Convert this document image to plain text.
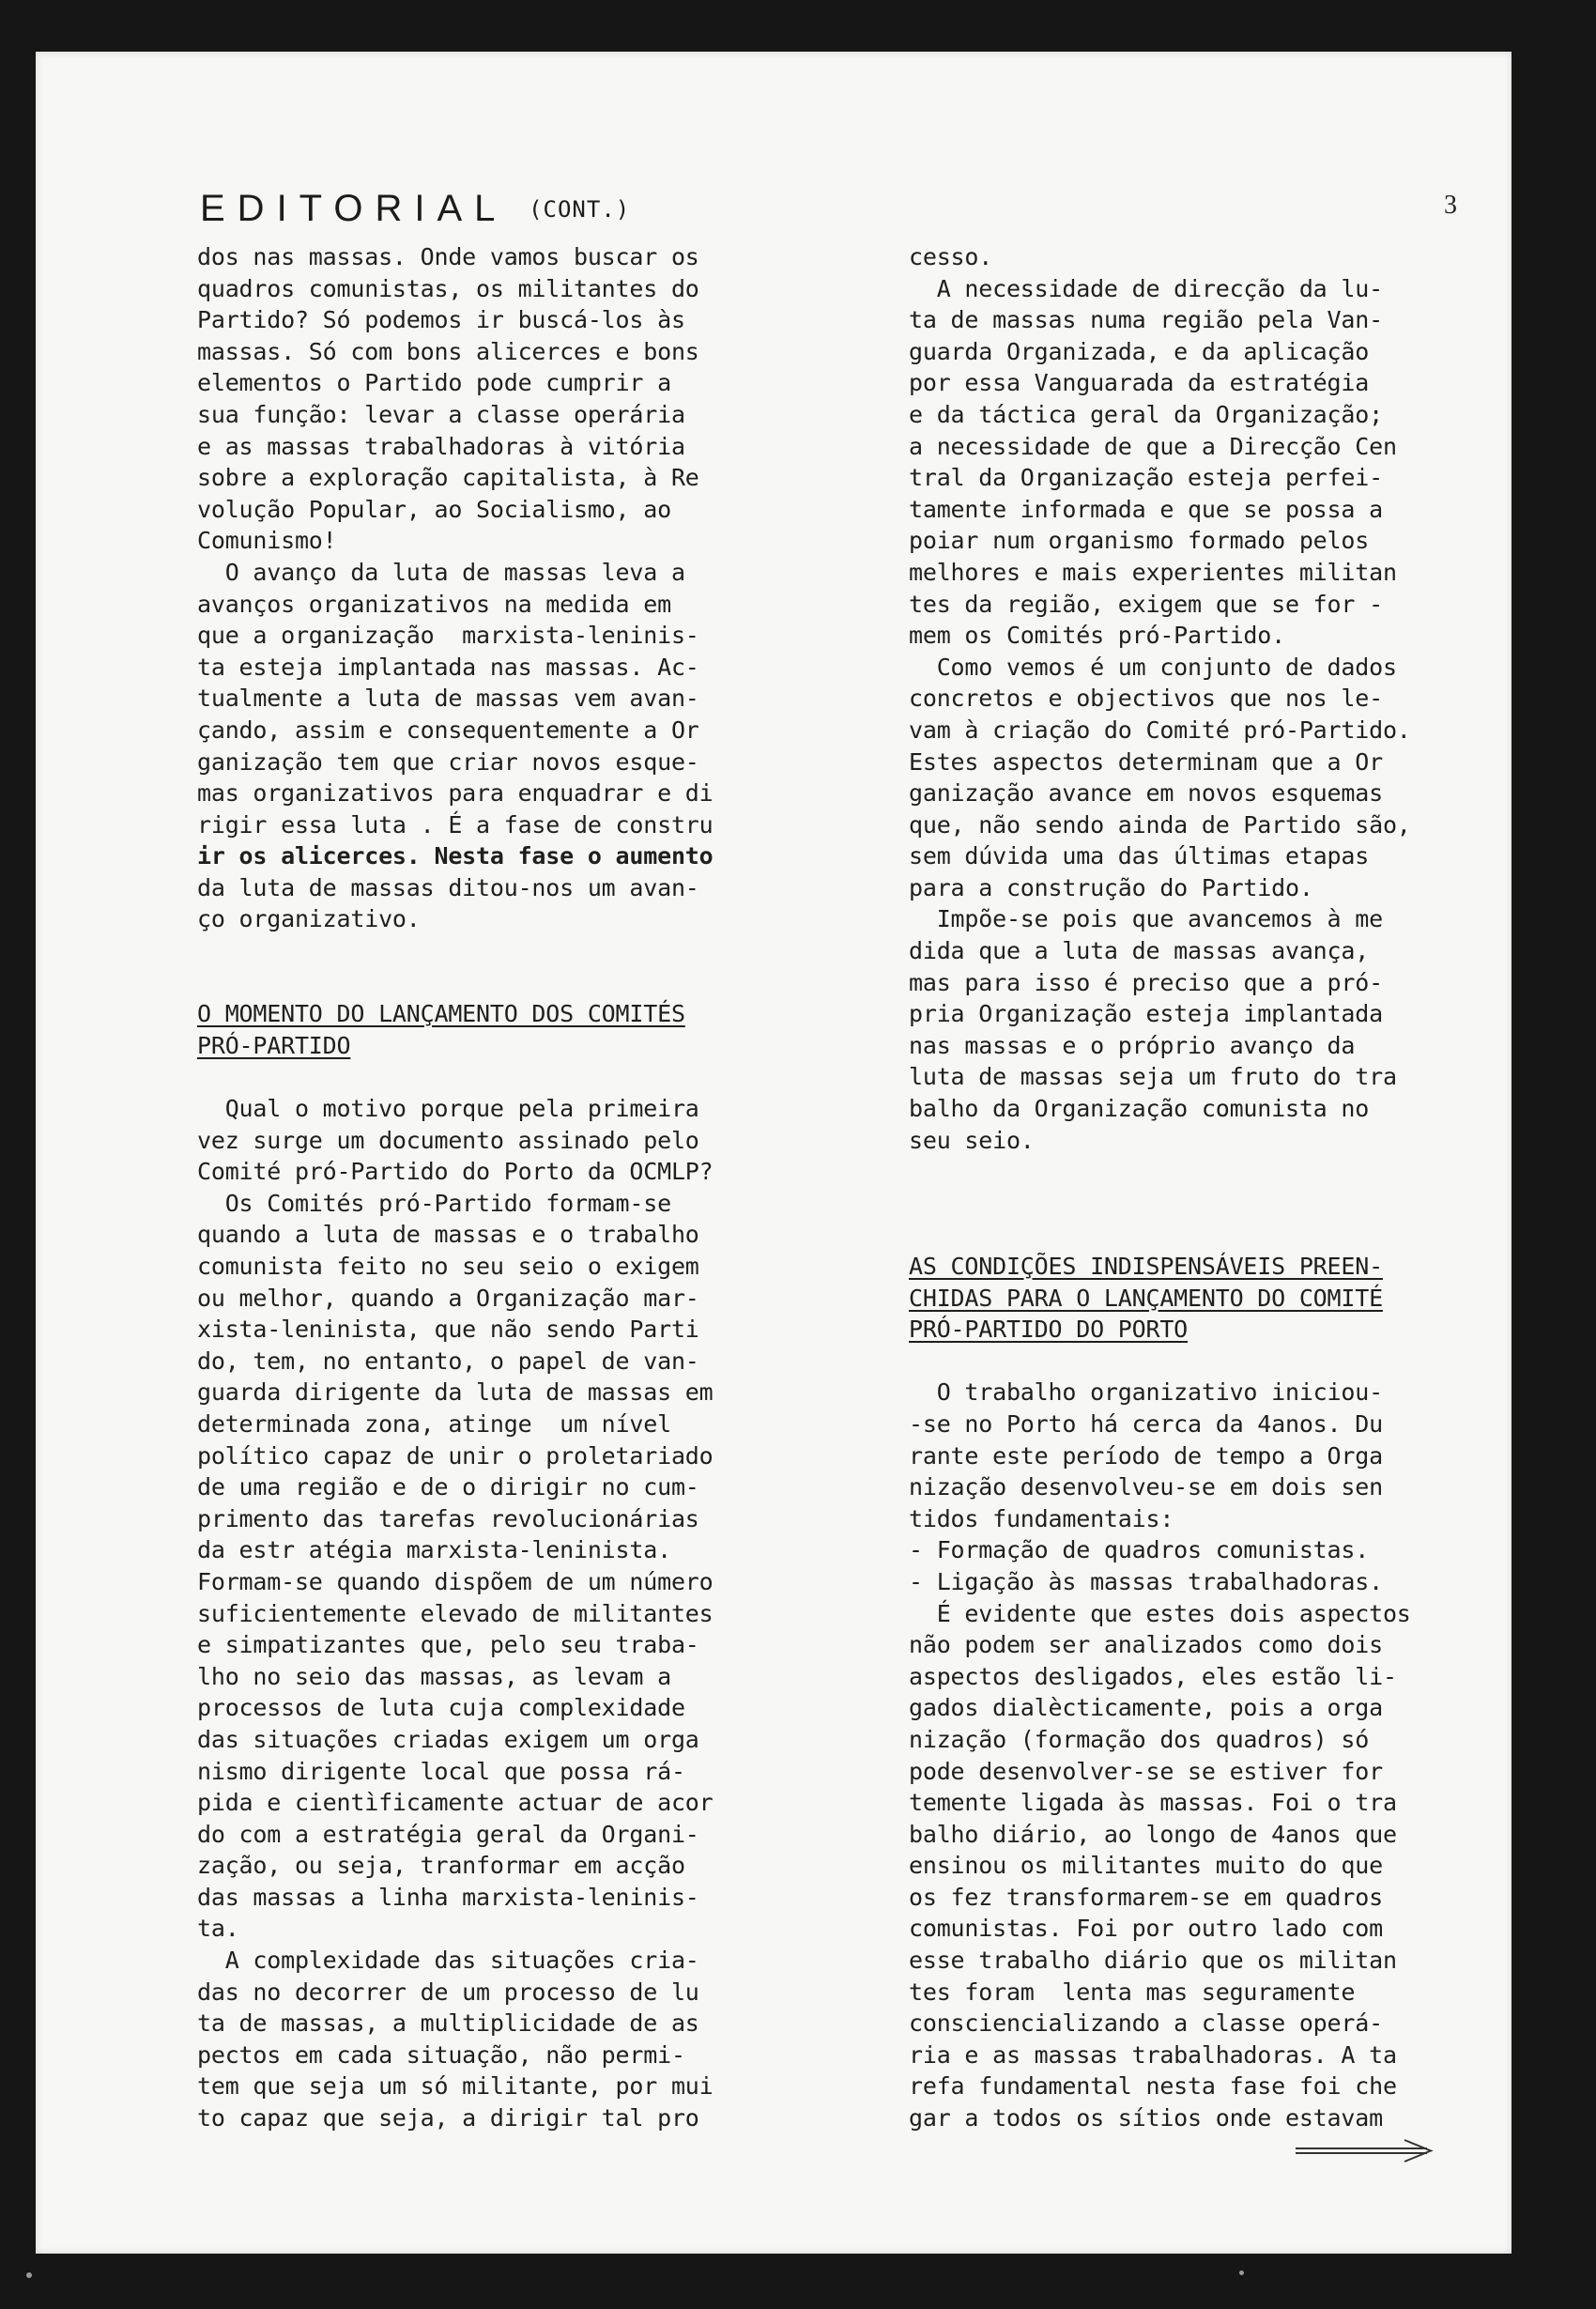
EDITORIAL (CONT.)	3
dos nas massas. Onde vamos buscar os
quadros comunistas, os militantes do
Partido? Só podemos ir buscá-los às
massas. Só com bons alicerces e bons
elementos o Partido pode cumprir a
sua função: levar a classe operária
e as massas trabalhadoras à vitória
sobre a exploração capitalista, à Re
volução Popular, ao Socialismo, ao
Comunismo!
O avanço da luta de massas leva a
avanços organizativos na medida em
que a organização  marxista-leninis-
ta esteja implantada nas massas. Ac-
tualmente a luta de massas vem avan-
çando, assim e consequentemente a Or
ganização tem que criar novos esque-
mas organizativos para enquadrar e di
rigir essa luta . É a fase de constru
ir os alicerces. Nesta fase o aumento
da luta de massas ditou-nos um avan-
ço organizativo.
O MOMENTO DO LANÇAMENTO DOS COMITÉS
PRÓ-PARTIDO
Qual o motivo porque pela primeira
vez surge um documento assinado pelo
Comité pró-Partido do Porto da OCMLP?
Os Comités pró-Partido formam-se
quando a luta de massas e o trabalho
comunista feito no seu seio o exigem
ou melhor, quando a Organização mar-
xista-leninista, que não sendo Parti
do, tem, no entanto, o papel de van-
guarda dirigente da luta de massas em
determinada zona, atinge  um nível
político capaz de unir o proletariado
de uma região e de o dirigir no cum-
primento das tarefas revolucionárias
da estr atégia marxista-leninista.
Formam-se quando dispõem de um número
suficientemente elevado de militantes
e simpatizantes que, pelo seu traba-
lho no seio das massas, as levam a
processos de luta cuja complexidade
das situações criadas exigem um orga
nismo dirigente local que possa rá-
pida e cientìficamente actuar de acor
do com a estratégia geral da Organi-
zação, ou seja, tranformar em acção
das massas a linha marxista-leninis-
ta.
A complexidade das situações cria-
das no decorrer de um processo de lu
ta de massas, a multiplicidade de as
pectos em cada situação, não permi-
tem que seja um só militante, por mui
to capaz que seja, a dirigir tal pro
cesso.
A necessidade de direcção da lu-
ta de massas numa região pela Van-
guarda Organizada, e da aplicação
por essa Vanguarada da estratégia
e da táctica geral da Organização;
a necessidade de que a Direcção Cen
tral da Organização esteja perfei-
tamente informada e que se possa a
poiar num organismo formado pelos
melhores e mais experientes militan
tes da região, exigem que se for -
mem os Comités pró-Partido.
Como vemos é um conjunto de dados
concretos e objectivos que nos le-
vam à criação do Comité pró-Partido.
Estes aspectos determinam que a Or
ganização avance em novos esquemas
que, não sendo ainda de Partido são,
sem dúvida uma das últimas etapas
para a construção do Partido.
Impõe-se pois que avancemos à me
dida que a luta de massas avança,
mas para isso é preciso que a pró-
pria Organização esteja implantada
nas massas e o próprio avanço da
luta de massas seja um fruto do tra
balho da Organização comunista no
seu seio.
AS CONDIÇÕES INDISPENSÁVEIS PREEN-
CHIDAS PARA O LANÇAMENTO DO COMITÉ
PRÓ-PARTIDO DO PORTO
O trabalho organizativo iniciou-
-se no Porto há cerca da 4anos. Du
rante este período de tempo a Orga
nização desenvolveu-se em dois sen
tidos fundamentais:
- Formação de quadros comunistas.
- Ligação às massas trabalhadoras.
É evidente que estes dois aspectos
não podem ser analizados como dois
aspectos desligados, eles estão li-
gados dialècticamente, pois a orga
nização (formação dos quadros) só
pode desenvolver-se se estiver for
temente ligada às massas. Foi o tra
balho diário, ao longo de 4anos que
ensinou os militantes muito do que
os fez transformarem-se em quadros
comunistas. Foi por outro lado com
esse trabalho diário que os militan
tes foram  lenta mas seguramente
consciencializando a classe operá-
ria e as massas trabalhadoras. A ta
refa fundamental nesta fase foi che
gar a todos os sítios onde estavam
